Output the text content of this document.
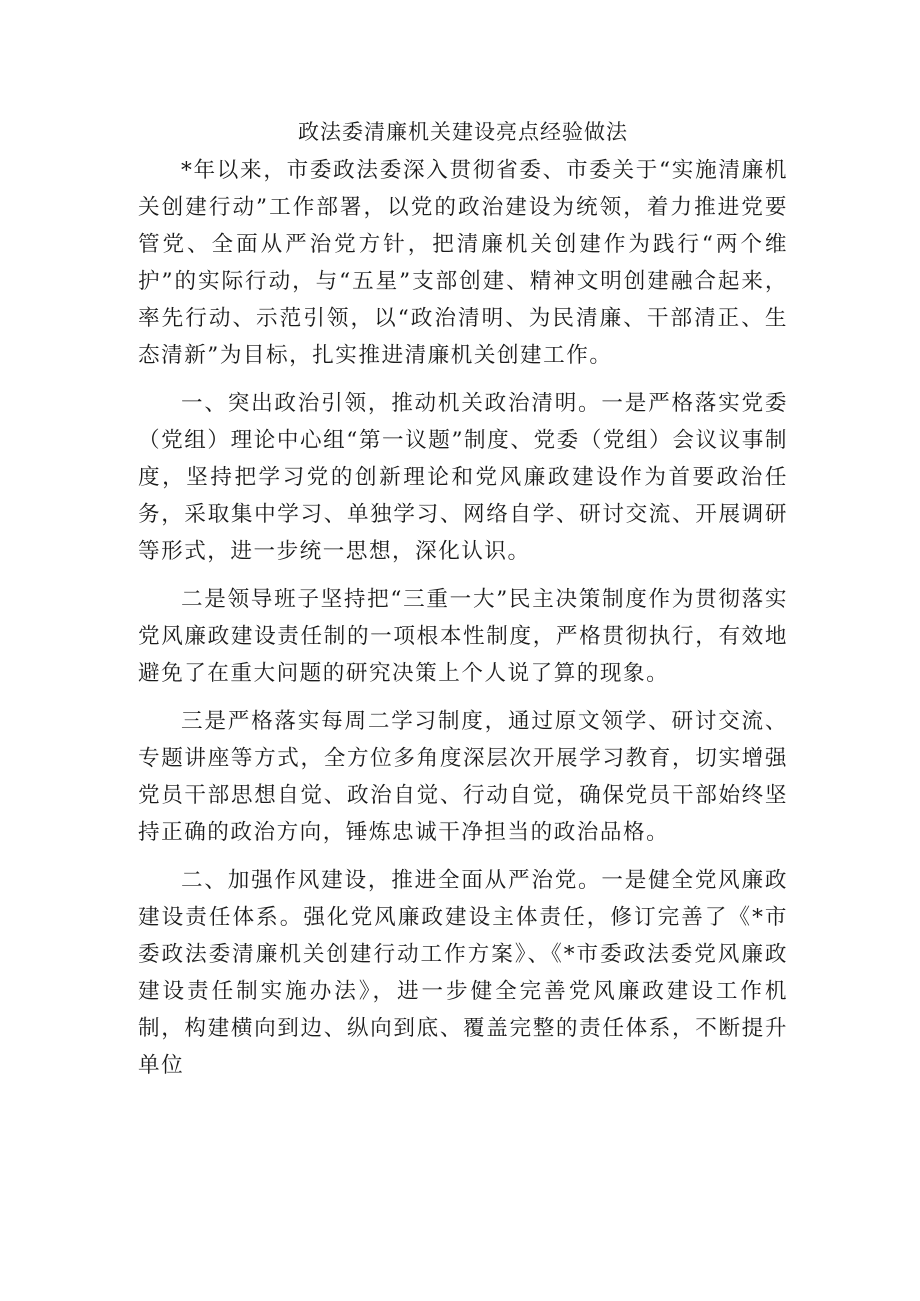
政法委清廉机关建设亮点经验做法

*年以来，市委政法委深入贯彻省委、市委关于“实施清廉机关创建行动”工作部署，以党的政治建设为统领，着力推进党要管党、全面从严治党方针，把清廉机关创建作为践行“两个维护”的实际行动，与“五星”支部创建、精神文明创建融合起来，率先行动、示范引领，以“政治清明、为民清廉、干部清正、生态清新”为目标，扎实推进清廉机关创建工作。

一、突出政治引领，推动机关政治清明。一是严格落实党委（党组）理论中心组“第一议题”制度、党委（党组）会议议事制度，坚持把学习党的创新理论和党风廉政建设作为首要政治任务，采取集中学习、单独学习、网络自学、研讨交流、开展调研等形式，进一步统一思想，深化认识。

二是领导班子坚持把“三重一大”民主决策制度作为贯彻落实党风廉政建设责任制的一项根本性制度，严格贯彻执行，有效地避免了在重大问题的研究决策上个人说了算的现象。

三是严格落实每周二学习制度，通过原文领学、研讨交流、专题讲座等方式，全方位多角度深层次开展学习教育，切实增强党员干部思想自觉、政治自觉、行动自觉，确保党员干部始终坚持正确的政治方向，锤炼忠诚干净担当的政治品格。

二、加强作风建设，推进全面从严治党。一是健全党风廉政建设责任体系。强化党风廉政建设主体责任，修订完善了《*市委政法委清廉机关创建行动工作方案》、《*市委政法委党风廉政建设责任制实施办法》，进一步健全完善党风廉政建设工作机制，构建横向到边、纵向到底、覆盖完整的责任体系，不断提升单位
